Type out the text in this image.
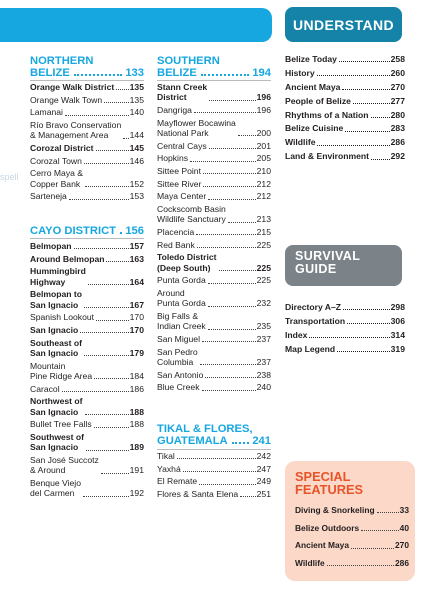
spell
NORTHERN
BELIZE	133
Orange Walk District 135
Orange Walk Town	135
Lamanai	140
Río Bravo Conservation
& Management Area	144
Corozal District	145
Corozal Town	146
Cerro Maya &
Copper Bank	152
Sarteneja	153
CAYO DISTRICT 156
Belmopan	157
Around Belmopan	163
Hummingbird
Highway	164
Belmopan to
San Ignacio	167
Spanish Lookout	170
San Ignacio	170
Southeast of
San Ignacio	179
Mountain
Pine Ridge Area	184
Caracol	186
Northwest of
San Ignacio	188
Bullet Tree Falls	188
Southwest of
San Ignacio	189
San José Succotz
& Around	191
Benque Viejo
del Carmen	192
SOUTHERN
BELIZE	194
Stann Creek
District	196
Dangriga	196
Mayflower Bocawina
National Park	200
Central Cays	201
Hopkins	205
Sittee Point	210
Sittee River	212
Maya Center	212
Cockscomb Basin
Wildlife Sanctuary	213
Placencia	215
Red Bank	225
Toledo District
(Deep South)	225
Punta Gorda	225
Around
Punta Gorda	232
Big Falls &
Indian Creek	235
San Miguel	237
San Pedro
Columbia	237
San Antonio	238
Blue Creek	240
TIKAL & FLORES,
GUATEMALA 241
Tikal	242
Yaxhá	247
El Remate	249
Flores & Santa Elena 251
UNDERSTAND
Belize Today	258
History	260
Ancient Maya	270
People of Belize	277
Rhythms of a Nation	280
Belize Cuisine	283
Wildlife	286
Land & Environment	292
SURVIVAL
GUIDE
Directory A–Z	298
Transportation	306
Index	314
Map Legend	319
SPECIAL
FEATURES
Diving & Snorkeling	33
Belize Outdoors	40
Ancient Maya	270
Wildlife	286
